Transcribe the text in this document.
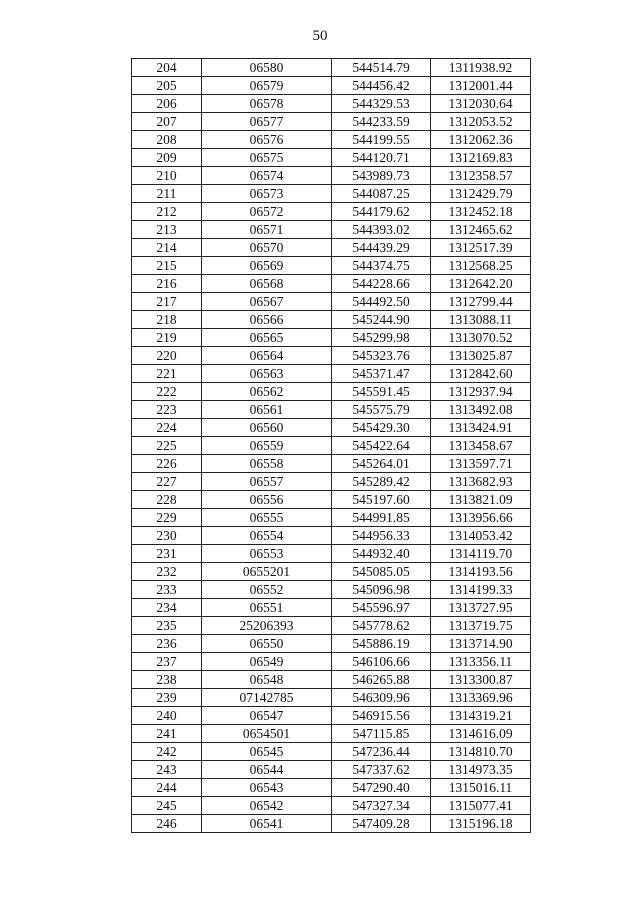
50
204	06580	544514.79	1311938.92
205	06579	544456.42	1312001.44
206	06578	544329.53	1312030.64
207	06577	544233.59	1312053.52
208	06576	544199.55	1312062.36
209	06575	544120.71	1312169.83
210	06574	543989.73	1312358.57
211	06573	544087.25	1312429.79
212	06572	544179.62	1312452.18
213	06571	544393.02	1312465.62
214	06570	544439.29	1312517.39
215	06569	544374.75	1312568.25
216	06568	544228.66	1312642.20
217	06567	544492.50	1312799.44
218	06566	545244.90	1313088.11
219	06565	545299.98	1313070.52
220	06564	545323.76	1313025.87
221	06563	545371.47	1312842.60
222	06562	545591.45	1312937.94
223	06561	545575.79	1313492.08
224	06560	545429.30	1313424.91
225	06559	545422.64	1313458.67
226	06558	545264.01	1313597.71
227	06557	545289.42	1313682.93
228	06556	545197.60	1313821.09
229	06555	544991.85	1313956.66
230	06554	544956.33	1314053.42
231	06553	544932.40	1314119.70
232	0655201	545085.05	1314193.56
233	06552	545096.98	1314199.33
234	06551	545596.97	1313727.95
235	25206393	545778.62	1313719.75
236	06550	545886.19	1313714.90
237	06549	546106.66	1313356.11
238	06548	546265.88	1313300.87
239	07142785	546309.96	1313369.96
240	06547	546915.56	1314319.21
241	0654501	547115.85	1314616.09
242	06545	547236.44	1314810.70
243	06544	547337.62	1314973.35
244	06543	547290.40	1315016.11
245	06542	547327.34	1315077.41
246	06541	547409.28	1315196.18
